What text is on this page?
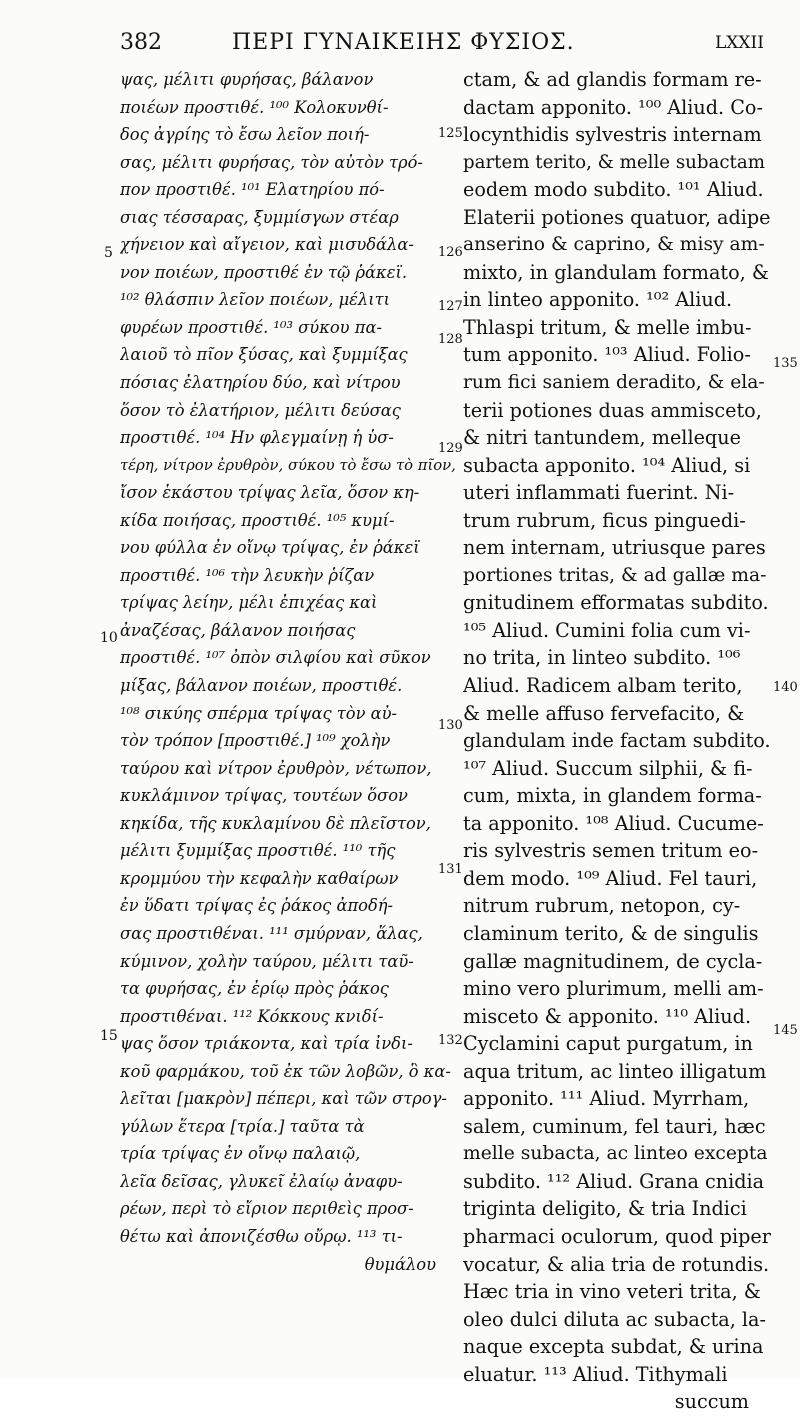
382	ΠΕΡΙ ΓΥΝΑΙΚΕΙΗΣ ΦΥΣΙΟΣ.	LXXII
ψας, μέλιτι φυρήσας, βάλανον
ποιέων προστιθέ. ¹⁰⁰ Κολοκυνθί-
δος ἀγρίης τὸ ἔσω λεῖον ποιή-
σας, μέλιτι φυρήσας, τὸν αὐτὸν τρό-
πον προστιθέ. ¹⁰¹ Ελατηρίου πό-
σιας τέσσαρας, ξυμμίσγων στέαρ
χήνειον καὶ αἴγειον, καὶ μισυδάλα-
νον ποιέων, προστιθέ ἐν τῷ ῥάκεϊ.
¹⁰² θλάσπιν λεῖον ποιέων, μέλιτι
φυρέων προστιθέ. ¹⁰³ σύκου πα-
λαιοῦ τὸ πῖον ξύσας, καὶ ξυμμίξας
πόσιας ἐλατηρίου δύο, καὶ νίτρου
ὅσον τὸ ἐλατήριον, μέλιτι δεύσας
προστιθέ. ¹⁰⁴ Ην φλεγμαίνῃ ἡ ὑσ-
τέρη, νίτρον ἐρυθρὸν, σύκου τὸ ἔσω τὸ πῖον,
ἴσον ἑκάστου τρίψας λεῖα, ὅσον κη-
κίδα ποιήσας, προστιθέ. ¹⁰⁵ κυμί-
νου φύλλα ἐν οἴνῳ τρίψας, ἐν ῥάκεϊ
προστιθέ. ¹⁰⁶ τὴν λευκὴν ῥίζαν
τρίψας λείην, μέλι ἐπιχέας καὶ
ἀναζέσας, βάλανον ποιήσας
προστιθέ. ¹⁰⁷ ὀπὸν σιλφίου καὶ σῦκον
μίξας, βάλανον ποιέων, προστιθέ.
¹⁰⁸ σικύης σπέρμα τρίψας τὸν αὐ-
τὸν τρόπον [προστιθέ.] ¹⁰⁹ χολὴν
ταύρου καὶ νίτρον ἐρυθρὸν, νέτωπον,
κυκλάμινον τρίψας, τουτέων ὅσον
κηκίδα, τῆς κυκλαμίνου δὲ πλεῖστον,
μέλιτι ξυμμίξας προστιθέ. ¹¹⁰ τῆς
κρομμύου τὴν κεφαλὴν καθαίρων
ἐν ὕδατι τρίψας ἐς ῥάκος ἀποδή-
σας προστιθέναι. ¹¹¹ σμύρναν, ἅλας,
κύμινον, χολὴν ταύρου, μέλιτι ταῦ-
τα φυρήσας, ἐν ἐρίῳ πρὸς ῥάκος
προστιθέναι. ¹¹² Κόκκους κνιδί-
ψας ὅσον τριάκοντα, καὶ τρία ἰνδι-
κοῦ φαρμάκου, τοῦ ἐκ τῶν λοβῶν, ὃ κα-
λεῖται [μακρὸν] πέπερι, καὶ τῶν στρογ-
γύλων ἕτερα [τρία.] ταῦτα τὰ
τρία τρίψας ἐν οἴνῳ παλαιῷ,
λεῖα δεῖσας, γλυκεῖ ἐλαίῳ ἀναφυ-
ρέων, περὶ τὸ εἴριον περιθεὶς προσ-
θέτω καὶ ἀπονιζέσθω οὔρῳ. ¹¹³ τι-
θυμάλου
ctam, & ad glandis formam re-
dactam apponito. ¹⁰⁰ Aliud. Co-
locynthidis sylvestris internam
partem terito, & melle subactam
eodem modo subdito. ¹⁰¹ Aliud.
Elaterii potiones quatuor, adipe
anserino & caprino, & misy am-
mixto, in glandulam formato, &
in linteo apponito. ¹⁰² Aliud.
Thlaspi tritum, & melle imbu-
tum apponito. ¹⁰³ Aliud. Folio-
rum fici saniem deradito, & ela-
terii potiones duas ammisceto,
& nitri tantundem, melleque
subacta apponito. ¹⁰⁴ Aliud, si
uteri inflammati fuerint. Ni-
trum rubrum, ficus pinguedi-
nem internam, utriusque pares
portiones tritas, & ad gallæ ma-
gnitudinem efformatas subdito.
¹⁰⁵ Aliud. Cumini folia cum vi-
no trita, in linteo subdito. ¹⁰⁶
Aliud. Radicem albam terito,
& melle affuso fervefacito, &
glandulam inde factam subdito.
¹⁰⁷ Aliud. Succum silphii, & fi-
cum, mixta, in glandem forma-
ta apponito. ¹⁰⁸ Aliud. Cucume-
ris sylvestris semen tritum eo-
dem modo. ¹⁰⁹ Aliud. Fel tauri,
nitrum rubrum, netopon, cy-
claminum terito, & de singulis
gallæ magnitudinem, de cycla-
mino vero plurimum, melli am-
misceto & apponito. ¹¹⁰ Aliud.
Cyclamini caput purgatum, in
aqua tritum, ac linteo illigatum
apponito. ¹¹¹ Aliud. Myrrham,
salem, cuminum, fel tauri, hæc
melle subacta, ac linteo excepta
subdito. ¹¹² Aliud. Grana cnidia
triginta deligito, & tria Indici
pharmaci oculorum, quod piper
vocatur, & alia tria de rotundis.
Hæc tria in vino veteri trita, &
oleo dulci diluta ac subacta, la-
naque excepta subdat, & urina
eluatur. ¹¹³ Aliud. Tithymali
succum
125
126
127
128
129
130
131
132
135
140
145
5
10
15
